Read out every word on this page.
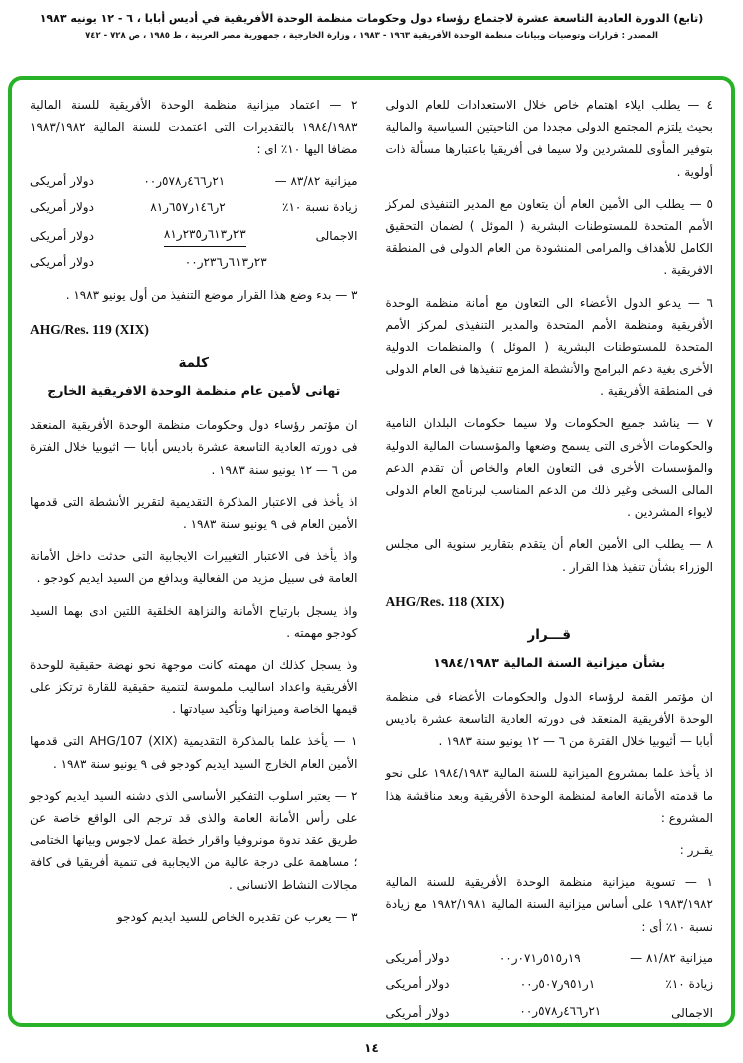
(تابع) الدورة العادية التاسعة عشرة لاجتماع رؤساء دول وحكومات منظمة الوحدة الأفريقية في أديس أبابا ، ٦ - ١٢ يونيه ١٩٨٣
المصدر : قرارات وتوصيات وبيانات منظمة الوحدة الأفريقية ١٩٦٣ - ١٩٨٣ ، وزارة الخارجية ، جمهورية مصر العربية ، ط ١٩٨٥ ، ص ٧٢٨ - ٧٤٢

٤ — يطلب ايلاء اهتمام خاص خلال الاستعدادات للعام الدولى بحيث يلتزم المجتمع الدولى مجددا من الناحيتين السياسية والمالية بتوفير المأوى للمشردين ولا سيما فى أفريقيا باعتبارها مسألة ذات أولوية .

٥ — يطلب الى الأمين العام أن يتعاون مع المدير التنفيذى لمركز الأمم المتحدة للمستوطنات البشرية ( الموئل ) لضمان التحقيق الكامل للأهداف والمرامى المنشودة من العام الدولى فى المنطقة الافريقية .

٦ — يدعو الدول الأعضاء الى التعاون مع أمانة منظمة الوحدة الأفريقية ومنظمة الأمم المتحدة والمدير التنفيذى لمركز الأمم المتحدة للمستوطنات البشرية ( الموئل ) والمنظمات الدولية الأخرى بغية دعم البرامج والأنشطة المزمع تنفيذها فى العام الدولى فى المنطقة الأفريقية .

٧ — يناشد جميع الحكومات ولا سيما حكومات البلدان النامية والحكومات الأخرى التى يسمح وضعها والمؤسسات المالية الدولية والمؤسسات الأخرى فى التعاون العام والخاص أن تقدم الدعم المالى السخى وغير ذلك من الدعم المناسب لبرنامج العام الدولى لايواء المشردين .

٨ — يطلب الى الأمين العام أن يتقدم بتقارير سنوية الى مجلس الوزراء بشأن تنفيذ هذا القرار .

AHG/Res. 118 (XIX)
قـــرار
بشأن ميزانية السنة المالية ١٩٨٤/١٩٨٣

ان مؤتمر القمة لرؤساء الدول والحكومات الأعضاء فى منظمة الوحدة الأفريقية المنعقد فى دورته العادية التاسعة عشرة باديس أبابا — أثيوبيا خلال الفترة من ٦ — ١٢ يونيو سنة ١٩٨٣ .

اذ يأخذ علما بمشروع الميزانية للسنة المالية ١٩٨٤/١٩٨٣ على نحو ما قدمته الأمانة العامة لمنظمة الوحدة الأفريقية وبعد مناقشة هذا المشروع :

يقـرر :

١ — تسوية ميزانية منظمة الوحدة الأفريقية للسنة المالية ١٩٨٣/١٩٨٢ على أساس ميزانية السنة المالية ١٩٨٢/١٩٨١ مع زيادة نسبة ١٠٪ أى :

ميزانية ٨١/٨٢ —
١٩ر٥١٥ر٠٧١ر٠٠
دولار أمريكى
زيادة ١٠٪
١ر٩٥١ر٥٠٧ر٠٠
دولار أمريكى
الاجمالى
٢١ر٤٦٦ر٥٧٨ر٠٠
دولار أمريكى

٢ — اعتماد ميزانية منظمة الوحدة الأفريقية للسنة المالية ١٩٨٤/١٩٨٣ بالتقديرات التى اعتمدت للسنة المالية ١٩٨٣/١٩٨٢ مضافا اليها ١٠٪ اى :

ميزانية ٨٣/٨٢ —
٢١ر٤٦٦ر٥٧٨ر٠٠
دولار أمريكى
زيادة نسبة ١٠٪
٢ر١٤٦ر٦٥٧ر٨١
دولار أمريكى
الاجمالى
٢٣ر٦١٣ر٢٣٥ر٨١
دولار أمريكى
٢٣ر٦١٣ر٢٣٦ر٠٠
دولار أمريكى

٣ — بدء وضع هذا القرار موضع التنفيذ من أول يونيو ١٩٨٣ .

AHG/Res. 119 (XIX)
كلمة
تهانى لأمين عام منظمة الوحدة الافريقية الخارج

ان مؤتمر رؤساء دول وحكومات منظمة الوحدة الأفريقية المنعقد فى دورته العادية التاسعة عشرة باديس أبابا — اثيوبيا خلال الفترة من ٦ — ١٢ يونيو سنة ١٩٨٣ .

اذ يأخذ فى الاعتبار المذكرة التقديمية لتقرير الأنشطة التى قدمها الأمين العام فى ٩ يونيو سنة ١٩٨٣ .

واذ يأخذ فى الاعتبار التغييرات الايجابية التى حدثت داخل الأمانة العامة فى سبيل مزيد من الفعالية وبدافع من السيد ايديم كودجو .

واذ يسجل بارتياح الأمانة والنزاهة الخلقية اللتين ادى بهما السيد كودجو مهمته .

وذ يسجل كذلك ان مهمته كانت موجهة نحو نهضة حقيقية للوحدة الأفريقية واعداد اساليب ملموسة لتنمية حقيقية للقارة ترتكز على قيمها الخاصة وميزانها وتأكيد سيادتها .

١ — يأخذ علما بالمذكرة التقديمية AHG/107 (XIX) التى قدمها الأمين العام الخارج السيد ايديم كودجو فى ٩ يونيو سنة ١٩٨٣ .

٢ — يعتبر اسلوب التفكير الأساسى الذى دشنه السيد ايديم كودجو على رأس الأمانة العامة والذى قد ترجم الى الواقع خاصة عن طريق عقد ندوة مونروفيا واقرار خطة عمل لاجوس وبيانها الختامى ؛ مساهمة على درجة عالية من الايجابية فى تنمية أفريقيا فى كافة مجالات النشاط الانسانى .

٣ — يعرب عن تقديره الخاص للسيد ايديم كودجو

١٤
